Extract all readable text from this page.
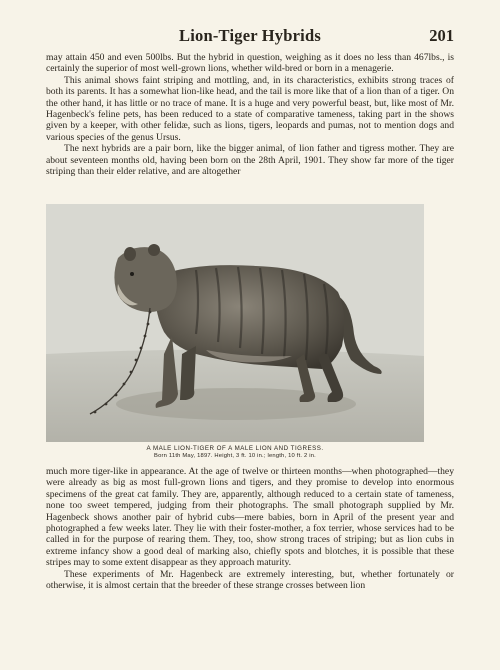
Lion-Tiger Hybrids	201

may attain 450 and even 500lbs. But the hybrid in question, weighing as it does no less than 467lbs., is certainly the superior of most well-grown lions, whether wild-bred or born in a menagerie.

This animal shows faint striping and mottling, and, in its characteristics, exhibits strong traces of both its parents. It has a somewhat lion-like head, and the tail is more like that of a lion than of a tiger. On the other hand, it has little or no trace of mane. It is a huge and very powerful beast, but, like most of Mr. Hagenbeck's feline pets, has been reduced to a state of comparative tameness, taking part in the shows given by a keeper, with other felidæ, such as lions, tigers, leopards and pumas, not to mention dogs and various species of the genus Ursus.

The next hybrids are a pair born, like the bigger animal, of lion father and tigress mother. They are about seventeen months old, having been born on the 28th April, 1901. They show far more of the tiger striping than their elder relative, and are altogether

A MALE LION-TIGER OF A MALE LION AND TIGRESS.
Born 11th May, 1897. Height, 3 ft. 10 in.; length, 10 ft. 2 in.

much more tiger-like in appearance. At the age of twelve or thirteen months—when photographed—they were already as big as most full-grown lions and tigers, and they promise to develop into enormous specimens of the great cat family. They are, apparently, although reduced to a certain state of tameness, none too sweet tempered, judging from their photographs. The small photograph supplied by Mr. Hagenbeck shows another pair of hybrid cubs—mere babies, born in April of the present year and photographed a few weeks later. They lie with their foster-mother, a fox terrier, whose services had to be called in for the purpose of rearing them. They, too, show strong traces of striping; but as lion cubs in extreme infancy show a good deal of marking also, chiefly spots and blotches, it is possible that these stripes may to some extent disappear as they approach maturity.

These experiments of Mr. Hagenbeck are extremely interesting, but, whether fortunately or otherwise, it is almost certain that the breeder of these strange crosses between lion
